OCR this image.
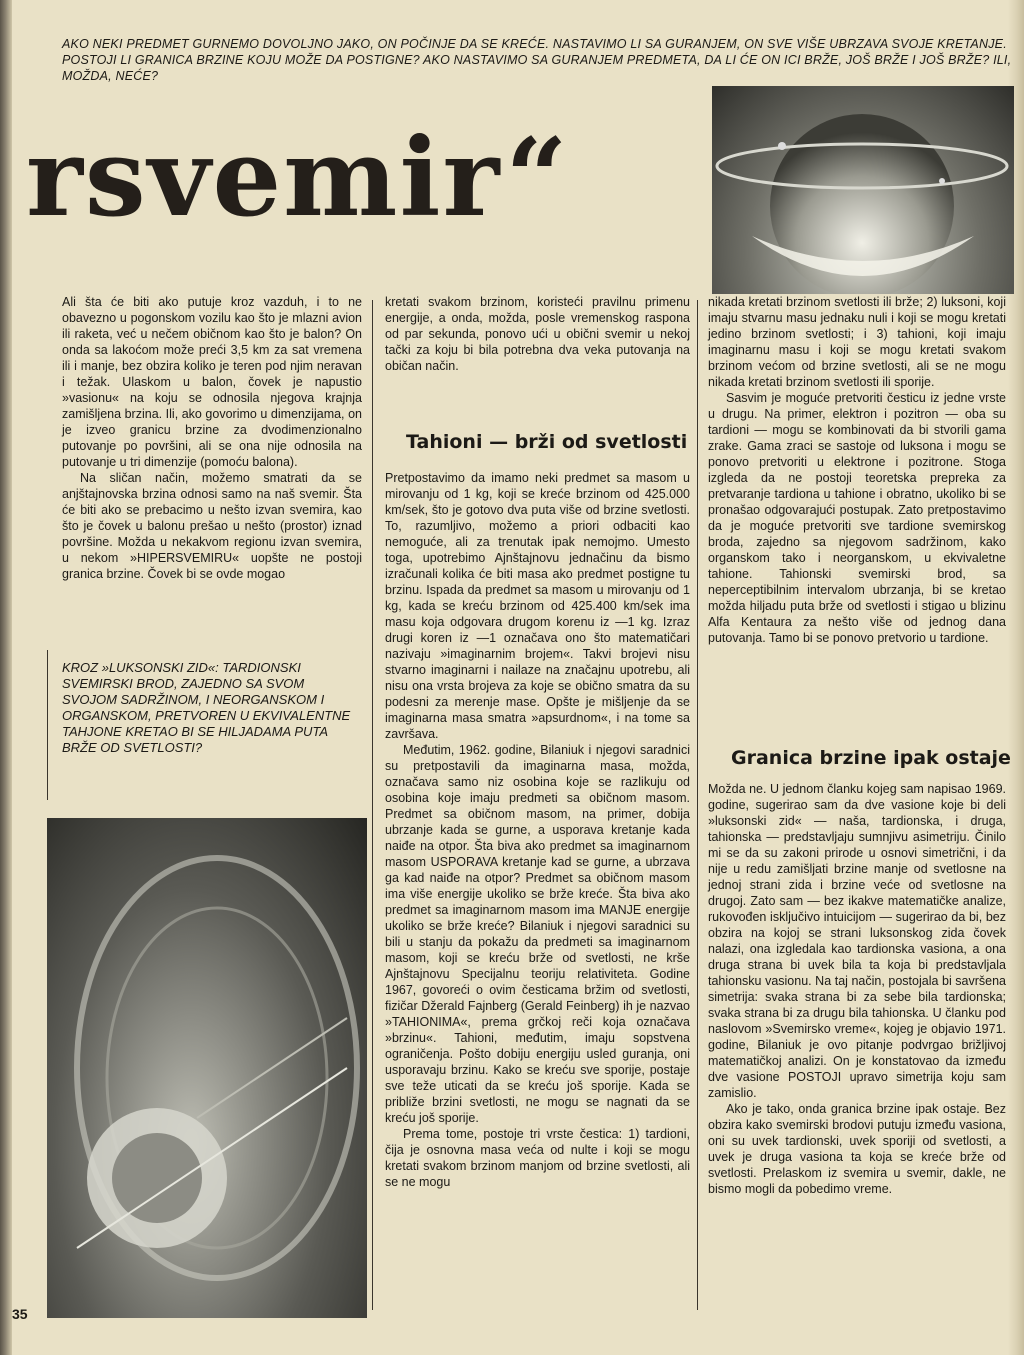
AKO NEKI PREDMET GURNEMO DOVOLJNO JAKO, ON POČINJE DA SE KREĆE. NASTAVIMO LI SA GURANJEM, ON SVE VIŠE UBRZAVA SVOJE KRETANJE. POSTOJI LI GRANICA BRZINE KOJU MOŽE DA POSTIGNE? AKO NASTAVIMO SA GURANJEM PREDMETA, DA LI ĆE ON ICI BRŽE, JOŠ BRŽE I JOŠ BRŽE? ILI, MOŽDA, NEĆE?

rsvemir“

Ali šta će biti ako putuje kroz vazduh, i to ne obavezno u pogonskom vozilu kao što je mlazni avion ili raketa, već u nečem običnom kao što je balon? On onda sa lakoćom može preći 3,5 km za sat vremena ili i manje, bez obzira koliko je teren pod njim neravan i težak. Ulaskom u balon, čovek je napustio »vasionu« na koju se odnosila njegova krajnja zamišljena brzina. Ili, ako govorimo u dimenzijama, on je izveo granicu brzine za dvodimenzionalno putovanje po površini, ali se ona nije odnosila na putovanje u tri dimenzije (pomoću balona).

Na sličan način, možemo smatrati da se anjštajnovska brzina odnosi samo na naš svemir. Šta će biti ako se prebacimo u nešto izvan svemira, kao što je čovek u balonu prešao u nešto (prostor) iznad površine. Možda u nekakvom regionu izvan svemira, u nekom »HIPERSVEMIRU« uopšte ne postoji granica brzine. Čovek bi se ovde mogao

KROZ »LUKSONSKI ZID«: TARDIONSKI SVEMIRSKI BROD, ZAJEDNO SA SVOM SVOJOM SADRŽINOM, I NEORGANSKOM I ORGANSKOM, PRETVOREN U EKVIVALENTNE TAHJONE KRETAO BI SE HILJADAMA PUTA BRŽE OD SVETLOSTI?

kretati svakom brzinom, koristeći pravilnu primenu energije, a onda, možda, posle vremenskog raspona od par sekunda, ponovo ući u obični svemir u nekoj tački za koju bi bila potrebna dva veka putovanja na običan način.

Tahioni — brži od svetlosti

Pretpostavimo da imamo neki predmet sa masom u mirovanju od 1 kg, koji se kreće brzinom od 425.000 km/sek, što je gotovo dva puta više od brzine svetlosti. To, razumljivo, možemo a priori odbaciti kao nemoguće, ali za trenutak ipak nemojmo. Umesto toga, upotrebimo Ajnštajnovu jednačinu da bismo izračunali kolika će biti masa ako predmet postigne tu brzinu. Ispada da predmet sa masom u mirovanju od 1 kg, kada se kreću brzinom od 425.400 km/sek ima masu koja odgovara drugom korenu iz —1 kg. Izraz drugi koren iz —1 označava ono što matematičari nazivaju »imaginarnim brojem«. Takvi brojevi nisu stvarno imaginarni i nailaze na značajnu upotrebu, ali nisu ona vrsta brojeva za koje se obično smatra da su podesni za merenje mase. Opšte je mišljenje da se imaginarna masa smatra »apsurdnom«, i na tome sa završava.

Međutim, 1962. godine, Bilaniuk i njegovi saradnici su pretpostavili da imaginarna masa, možda, označava samo niz osobina koje se razlikuju od osobina koje imaju predmeti sa običnom masom. Predmet sa običnom masom, na primer, dobija ubrzanje kada se gurne, a usporava kretanje kada naiđe na otpor. Šta biva ako predmet sa imaginarnom masom USPORAVA kretanje kad se gurne, a ubrzava ga kad naiđe na otpor? Predmet sa običnom masom ima više energije ukoliko se brže kreće. Šta biva ako predmet sa imaginarnom masom ima MANJE energije ukoliko se brže kreće? Bilaniuk i njegovi saradnici su bili u stanju da pokažu da predmeti sa imaginarnom masom, koji se kreću brže od svetlosti, ne krše Ajnštajnovu Specijalnu teoriju relativiteta. Godine 1967, govoreći o ovim česticama bržim od svetlosti, fizičar Džerald Fajnberg (Gerald Feinberg) ih je nazvao »TAHIONIMA«, prema grčkoj reči koja označava »brzinu«. Tahioni, međutim, imaju sopstvena ograničenja. Pošto dobiju energiju usled guranja, oni usporavaju brzinu. Kako se kreću sve sporije, postaje sve teže uticati da se kreću još sporije. Kada se približe brzini svetlosti, ne mogu se nagnati da se kreću još sporije.

Prema tome, postoje tri vrste čestica: 1) tardioni, čija je osnovna masa veća od nulte i koji se mogu kretati svakom brzinom manjom od brzine svetlosti, ali se ne mogu

nikada kretati brzinom svetlosti ili brže; 2) luksoni, koji imaju stvarnu masu jednaku nuli i koji se mogu kretati jedino brzinom svetlosti; i 3) tahioni, koji imaju imaginarnu masu i koji se mogu kretati svakom brzinom većom od brzine svetlosti, ali se ne mogu nikada kretati brzinom svetlosti ili sporije.

Sasvim je moguće pretvoriti česticu iz jedne vrste u drugu. Na primer, elektron i pozitron — oba su tardioni — mogu se kombinovati da bi stvorili gama zrake. Gama zraci se sastoje od luksona i mogu se ponovo pretvoriti u elektrone i pozitrone. Stoga izgleda da ne postoji teoretska prepreka za pretvaranje tardiona u tahione i obratno, ukoliko bi se pronašao odgovarajući postupak. Zato pretpostavimo da je moguće pretvoriti sve tardione svemirskog broda, zajedno sa njegovom sadržinom, kako organskom tako i neorganskom, u ekvivaletne tahione. Tahionski svemirski brod, sa neperceptibilnim intervalom ubrzanja, bi se kretao možda hiljadu puta brže od svetlosti i stigao u blizinu Alfa Kentaura za nešto više od jednog dana putovanja. Tamo bi se ponovo pretvorio u tardione.

Granica brzine ipak ostaje

Možda ne. U jednom članku kojeg sam napisao 1969. godine, sugerirao sam da dve vasione koje bi deli »luksonski zid« — naša, tardionska, i druga, tahionska — predstavljaju sumnjivu asimetriju. Činilo mi se da su zakoni prirode u osnovi simetrični, i da nije u redu zamišljati brzine manje od svetlosne na jednoj strani zida i brzine veće od svetlosne na drugoj. Zato sam — bez ikakve matematičke analize, rukovođen isključivo intuicijom — sugerirao da bi, bez obzira na kojoj se strani luksonskog zida čovek nalazi, ona izgledala kao tardionska vasiona, a ona druga strana bi uvek bila ta koja bi predstavljala tahionsku vasionu. Na taj način, postojala bi savršena simetrija: svaka strana bi za sebe bila tardionska; svaka strana bi za drugu bila tahionska. U članku pod naslovom »Svemirsko vreme«, kojeg je objavio 1971. godine, Bilaniuk je ovo pitanje podvrgao brižljivoj matematičkoj analizi. On je konstatovao da između dve vasione POSTOJI upravo simetrija koju sam zamislio.

Ako je tako, onda granica brzine ipak ostaje. Bez obzira kako svemirski brodovi putuju između vasiona, oni su uvek tardionski, uvek sporiji od svetlosti, a uvek je druga vasiona ta koja se kreće brže od svetlosti. Prelaskom iz svemira u svemir, dakle, ne bismo mogli da pobedimo vreme.

35
